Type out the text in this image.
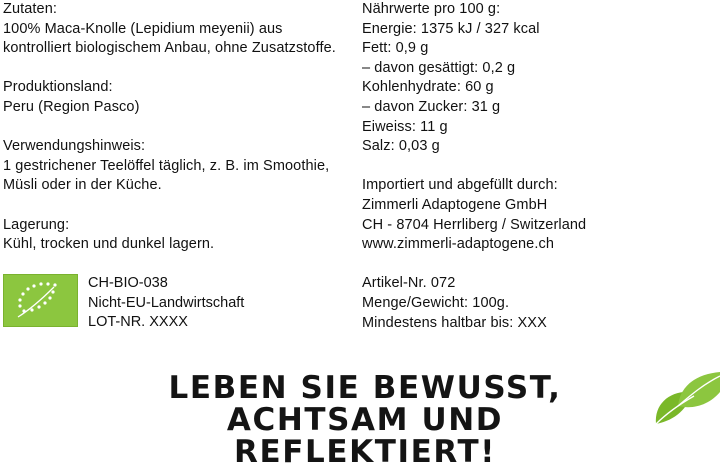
Zutaten:
100% Maca-Knolle (Lepidium meyenii) aus
kontrolliert biologischem Anbau, ohne Zusatzstoffe.
Produktionsland:
Peru (Region Pasco)
Verwendungshinweis:
1 gestrichener Teelöffel täglich, z. B. im Smoothie,
Müsli oder in der Küche.
Lagerung:
Kühl, trocken und dunkel lagern.
CH-BIO-038
Nicht-EU-Landwirtschaft
LOT-NR. XXXX
Nährwerte pro 100 g:
Energie: 1375 kJ / 327 kcal
Fett: 0,9 g
– davon gesättigt: 0,2 g
Kohlenhydrate: 60 g
– davon Zucker: 31 g
Eiweiss: 11 g
Salz: 0,03 g
Importiert und abgefüllt durch:
Zimmerli Adaptogene GmbH
CH - 8704 Herrliberg / Switzerland
www.zimmerli-adaptogene.ch
Artikel-Nr. 072
Menge/Gewicht: 100g.
Mindestens haltbar bis: XXX
LEBEN SIE BEWUSST,
ACHTSAM UND REFLEKTIERT!
